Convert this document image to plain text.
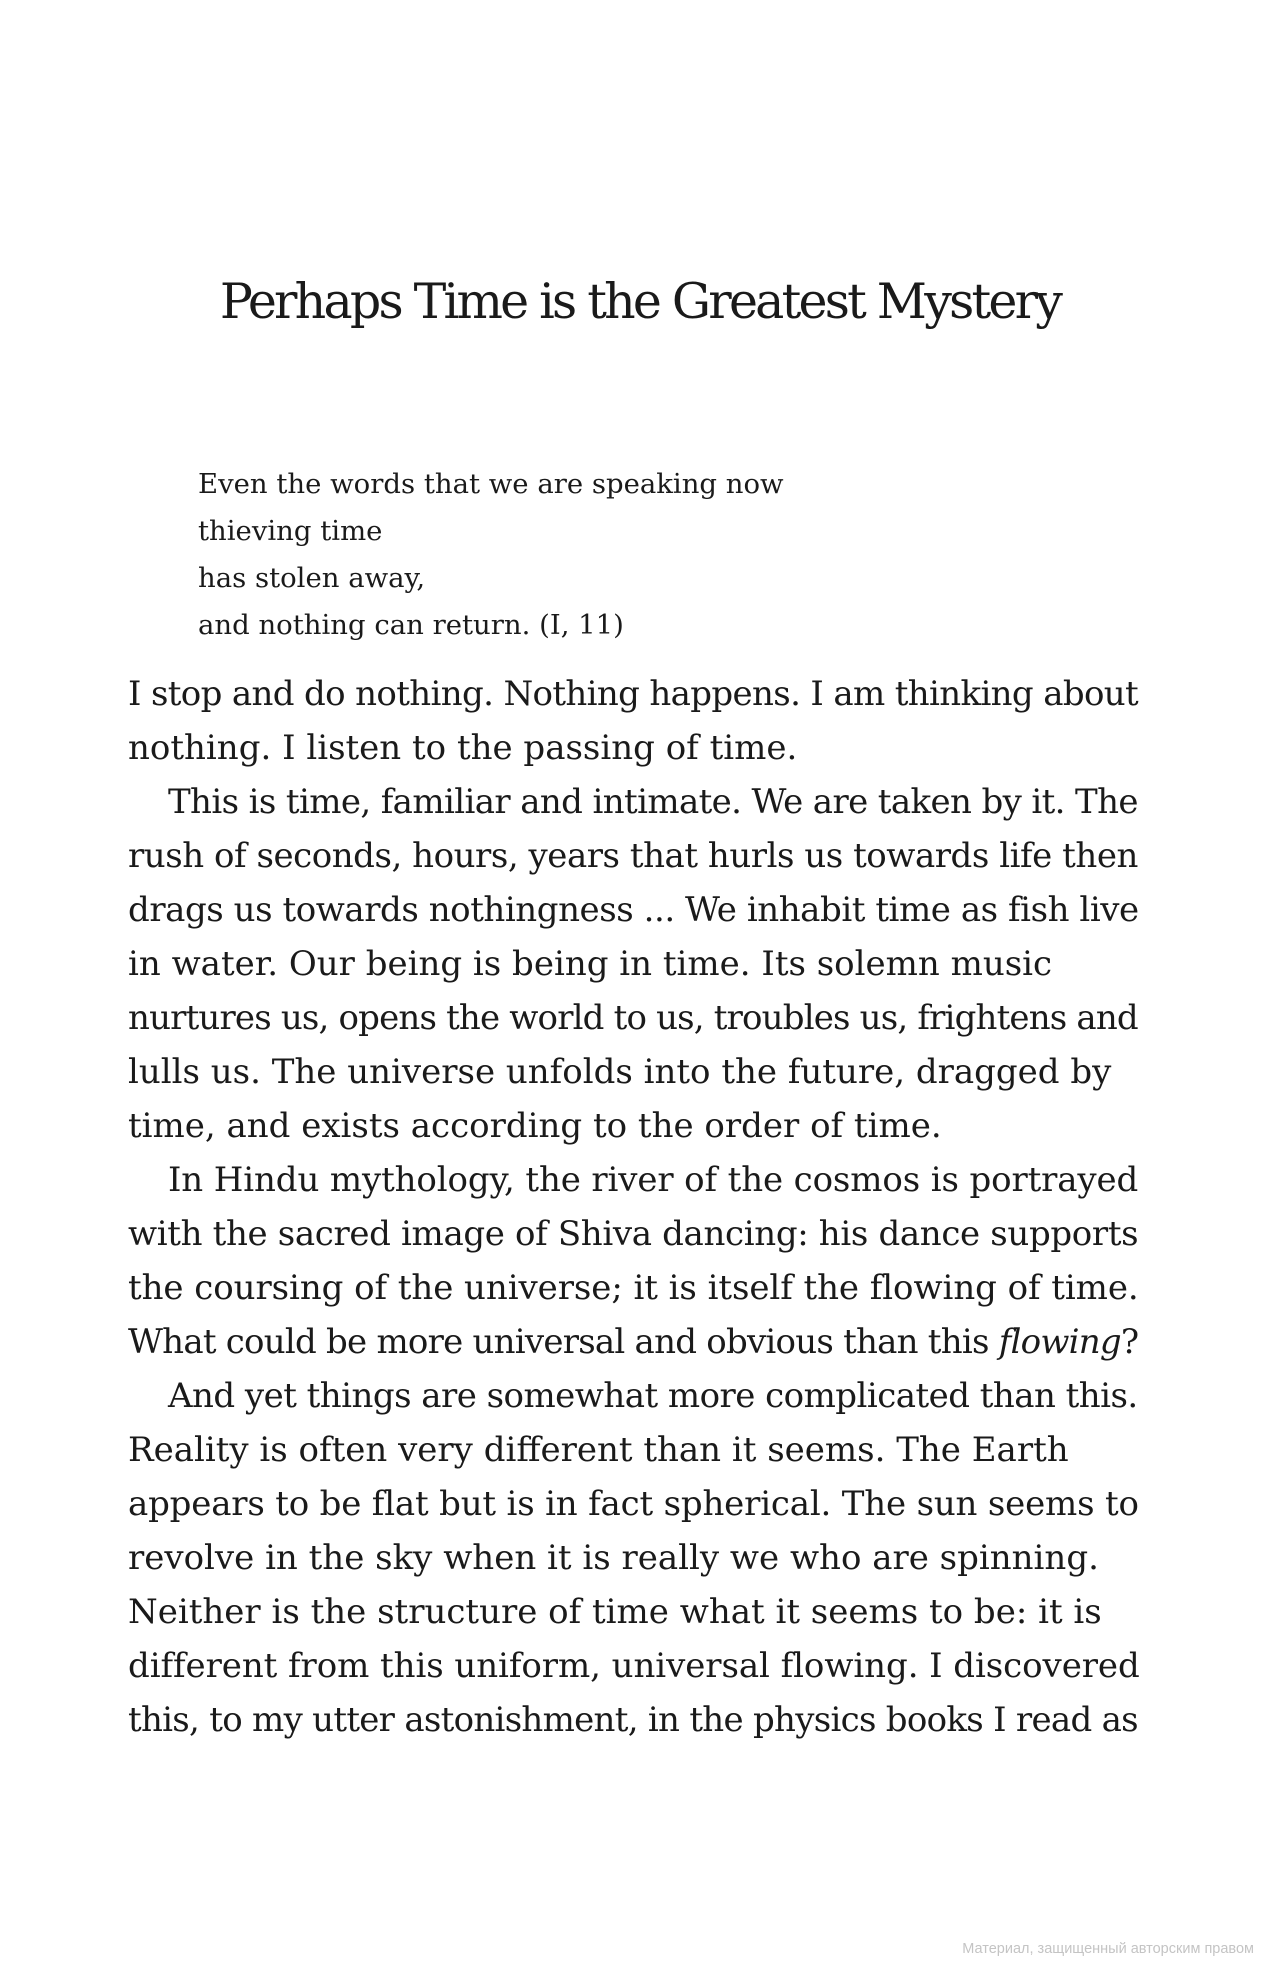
Perhaps Time is the Greatest Mystery
Even the words that we are speaking now
thieving time
has stolen away,
and nothing can return. (I, 11)
I stop and do nothing. Nothing happens. I am thinking about
nothing. I listen to the passing of time.
This is time, familiar and intimate. We are taken by it. The
rush of seconds, hours, years that hurls us towards life then
drags us towards nothingness ... We inhabit time as fish live
in water. Our being is being in time. Its solemn music
nurtures us, opens the world to us, troubles us, frightens and
lulls us. The universe unfolds into the future, dragged by
time, and exists according to the order of time.
In Hindu mythology, the river of the cosmos is portrayed
with the sacred image of Shiva dancing: his dance supports
the coursing of the universe; it is itself the flowing of time.
What could be more universal and obvious than this flowing?
And yet things are somewhat more complicated than this.
Reality is often very different than it seems. The Earth
appears to be flat but is in fact spherical. The sun seems to
revolve in the sky when it is really we who are spinning.
Neither is the structure of time what it seems to be: it is
different from this uniform, universal flowing. I discovered
this, to my utter astonishment, in the physics books I read as
Материал, защищенный авторским правом
